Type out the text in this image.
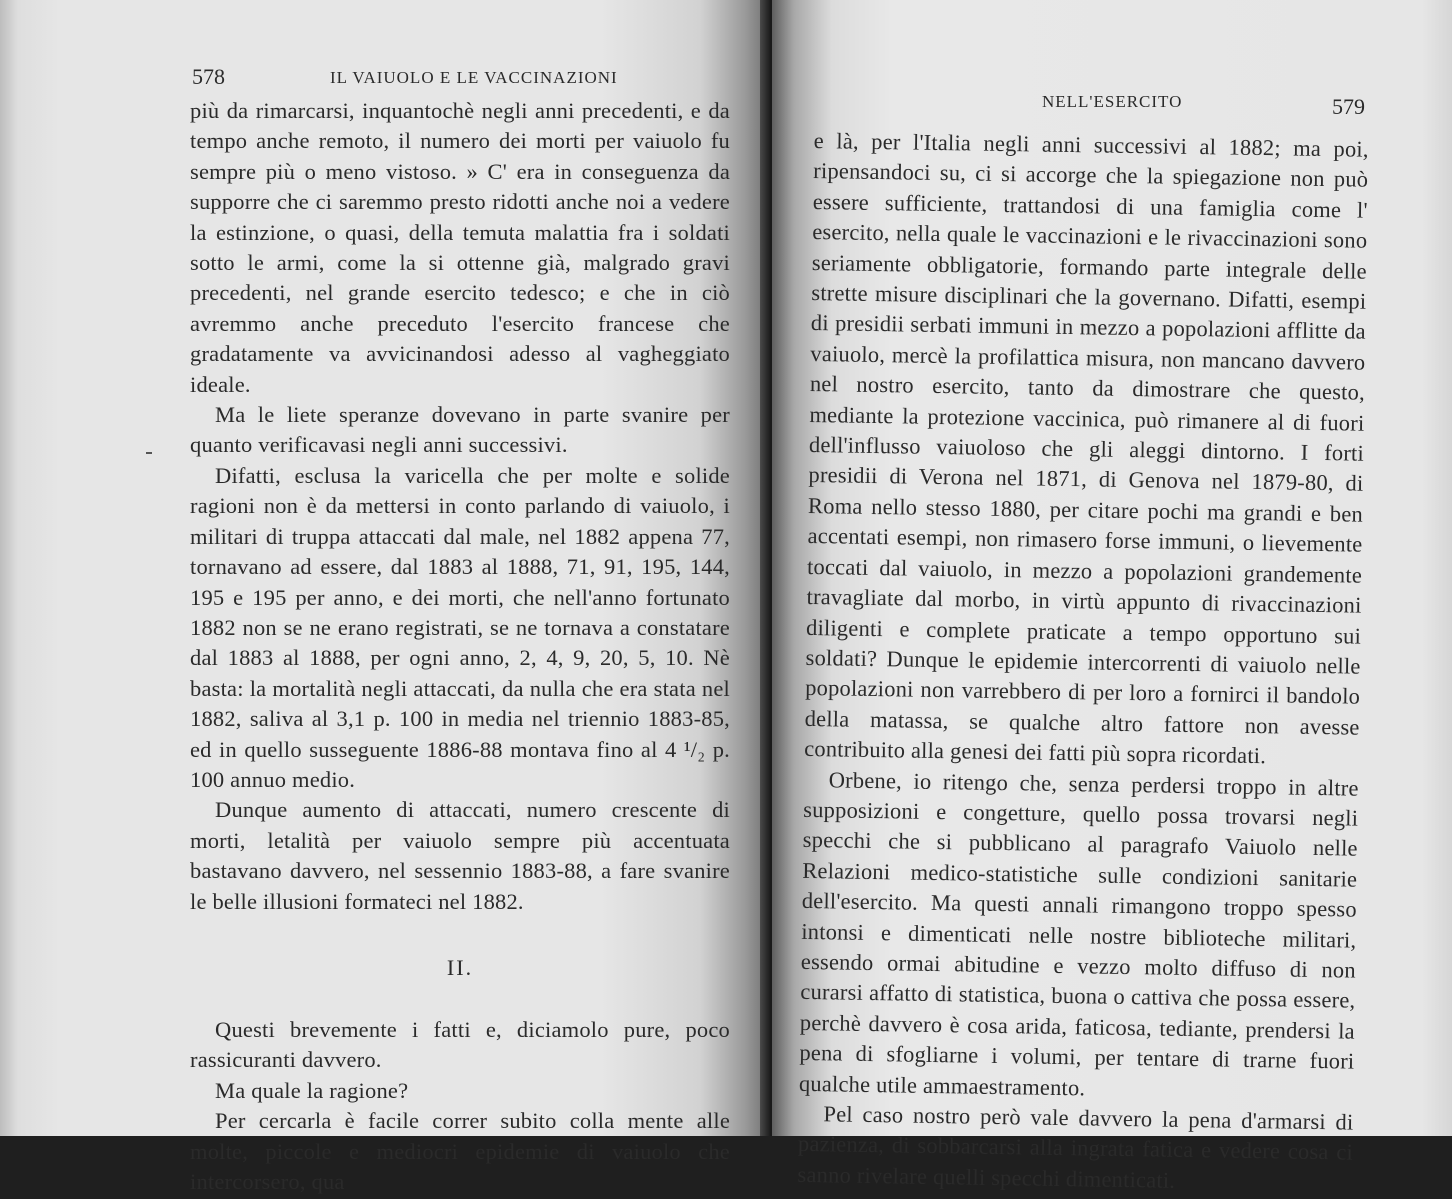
578	IL VAIUOLO E LE VACCINAZIONI

più da rimarcarsi, inquantochè negli anni precedenti, e da tempo anche remoto, il numero dei morti per vaiuolo fu sempre più o meno vistoso. » C' era in conseguenza da supporre che ci saremmo presto ridotti anche noi a vedere la estinzione, o quasi, della temuta malattia fra i soldati sotto le armi, come la si ottenne già, malgrado gravi precedenti, nel grande esercito tedesco; e che in ciò avremmo anche preceduto l'esercito francese che gradatamente va avvicinandosi adesso al vagheggiato ideale.

Ma le liete speranze dovevano in parte svanire per quanto verificavasi negli anni successivi.

Difatti, esclusa la varicella che per molte e solide ragioni non è da mettersi in conto parlando di vaiuolo, i militari di truppa attaccati dal male, nel 1882 appena 77, tornavano ad essere, dal 1883 al 1888, 71, 91, 195, 144, 195 e 195 per anno, e dei morti, che nell'anno fortunato 1882 non se ne erano registrati, se ne tornava a constatare dal 1883 al 1888, per ogni anno, 2, 4, 9, 20, 5, 10. Nè basta: la mortalità negli attaccati, da nulla che era stata nel 1882, saliva al 3,1 p. 100 in media nel triennio 1883-85, ed in quello susseguente 1886-88 montava fino al 4 ¹/₂ p. 100 annuo medio.

Dunque aumento di attaccati, numero crescente di morti, letalità per vaiuolo sempre più accentuata bastavano davvero, nel sessennio 1883-88, a fare svanire le belle illusioni formateci nel 1882.

II.

Questi brevemente i fatti e, diciamolo pure, poco rassicuranti davvero.

Ma quale la ragione?

Per cercarla è facile correr subito colla mente alle molte, piccole e mediocri epidemie di vaiuolo che intercorsero, qua

NELL'ESERCITO	579

e là, per l'Italia negli anni successivi al 1882; ma poi, ripensandoci su, ci si accorge che la spiegazione non può essere sufficiente, trattandosi di una famiglia come l' esercito, nella quale le vaccinazioni e le rivaccinazioni sono seriamente obbligatorie, formando parte integrale delle strette misure disciplinari che la governano. Difatti, esempi di presidii serbati immuni in mezzo a popolazioni afflitte da vaiuolo, mercè la profilattica misura, non mancano davvero nel nostro esercito, tanto da dimostrare che questo, mediante la protezione vaccinica, può rimanere al di fuori dell'influsso vaiuoloso che gli aleggi dintorno. I forti presidii di Verona nel 1871, di Genova nel 1879-80, di Roma nello stesso 1880, per citare pochi ma grandi e ben accentati esempi, non rimasero forse immuni, o lievemente toccati dal vaiuolo, in mezzo a popolazioni grandemente travagliate dal morbo, in virtù appunto di rivaccinazioni diligenti e complete praticate a tempo opportuno sui soldati? Dunque le epidemie intercorrenti di vaiuolo nelle popolazioni non varrebbero di per loro a fornirci il bandolo della matassa, se qualche altro fattore non avesse contribuito alla genesi dei fatti più sopra ricordati.

Orbene, io ritengo che, senza perdersi troppo in altre supposizioni e congetture, quello possa trovarsi negli specchi che si pubblicano al paragrafo Vaiuolo nelle Relazioni medico-statistiche sulle condizioni sanitarie dell'esercito. Ma questi annali rimangono troppo spesso intonsi e dimenticati nelle nostre biblioteche militari, essendo ormai abitudine e vezzo molto diffuso di non curarsi affatto di statistica, buona o cattiva che possa essere, perchè davvero è cosa arida, faticosa, tediante, prendersi la pena di sfogliarne i volumi, per tentare di trarne fuori qualche utile ammaestramento.

Pel caso nostro però vale davvero la pena d'armarsi di pazienza, di sobbarcarsi alla ingrata fatica e vedere cosa ci sanno rivelare quelli specchi dimenticati.
